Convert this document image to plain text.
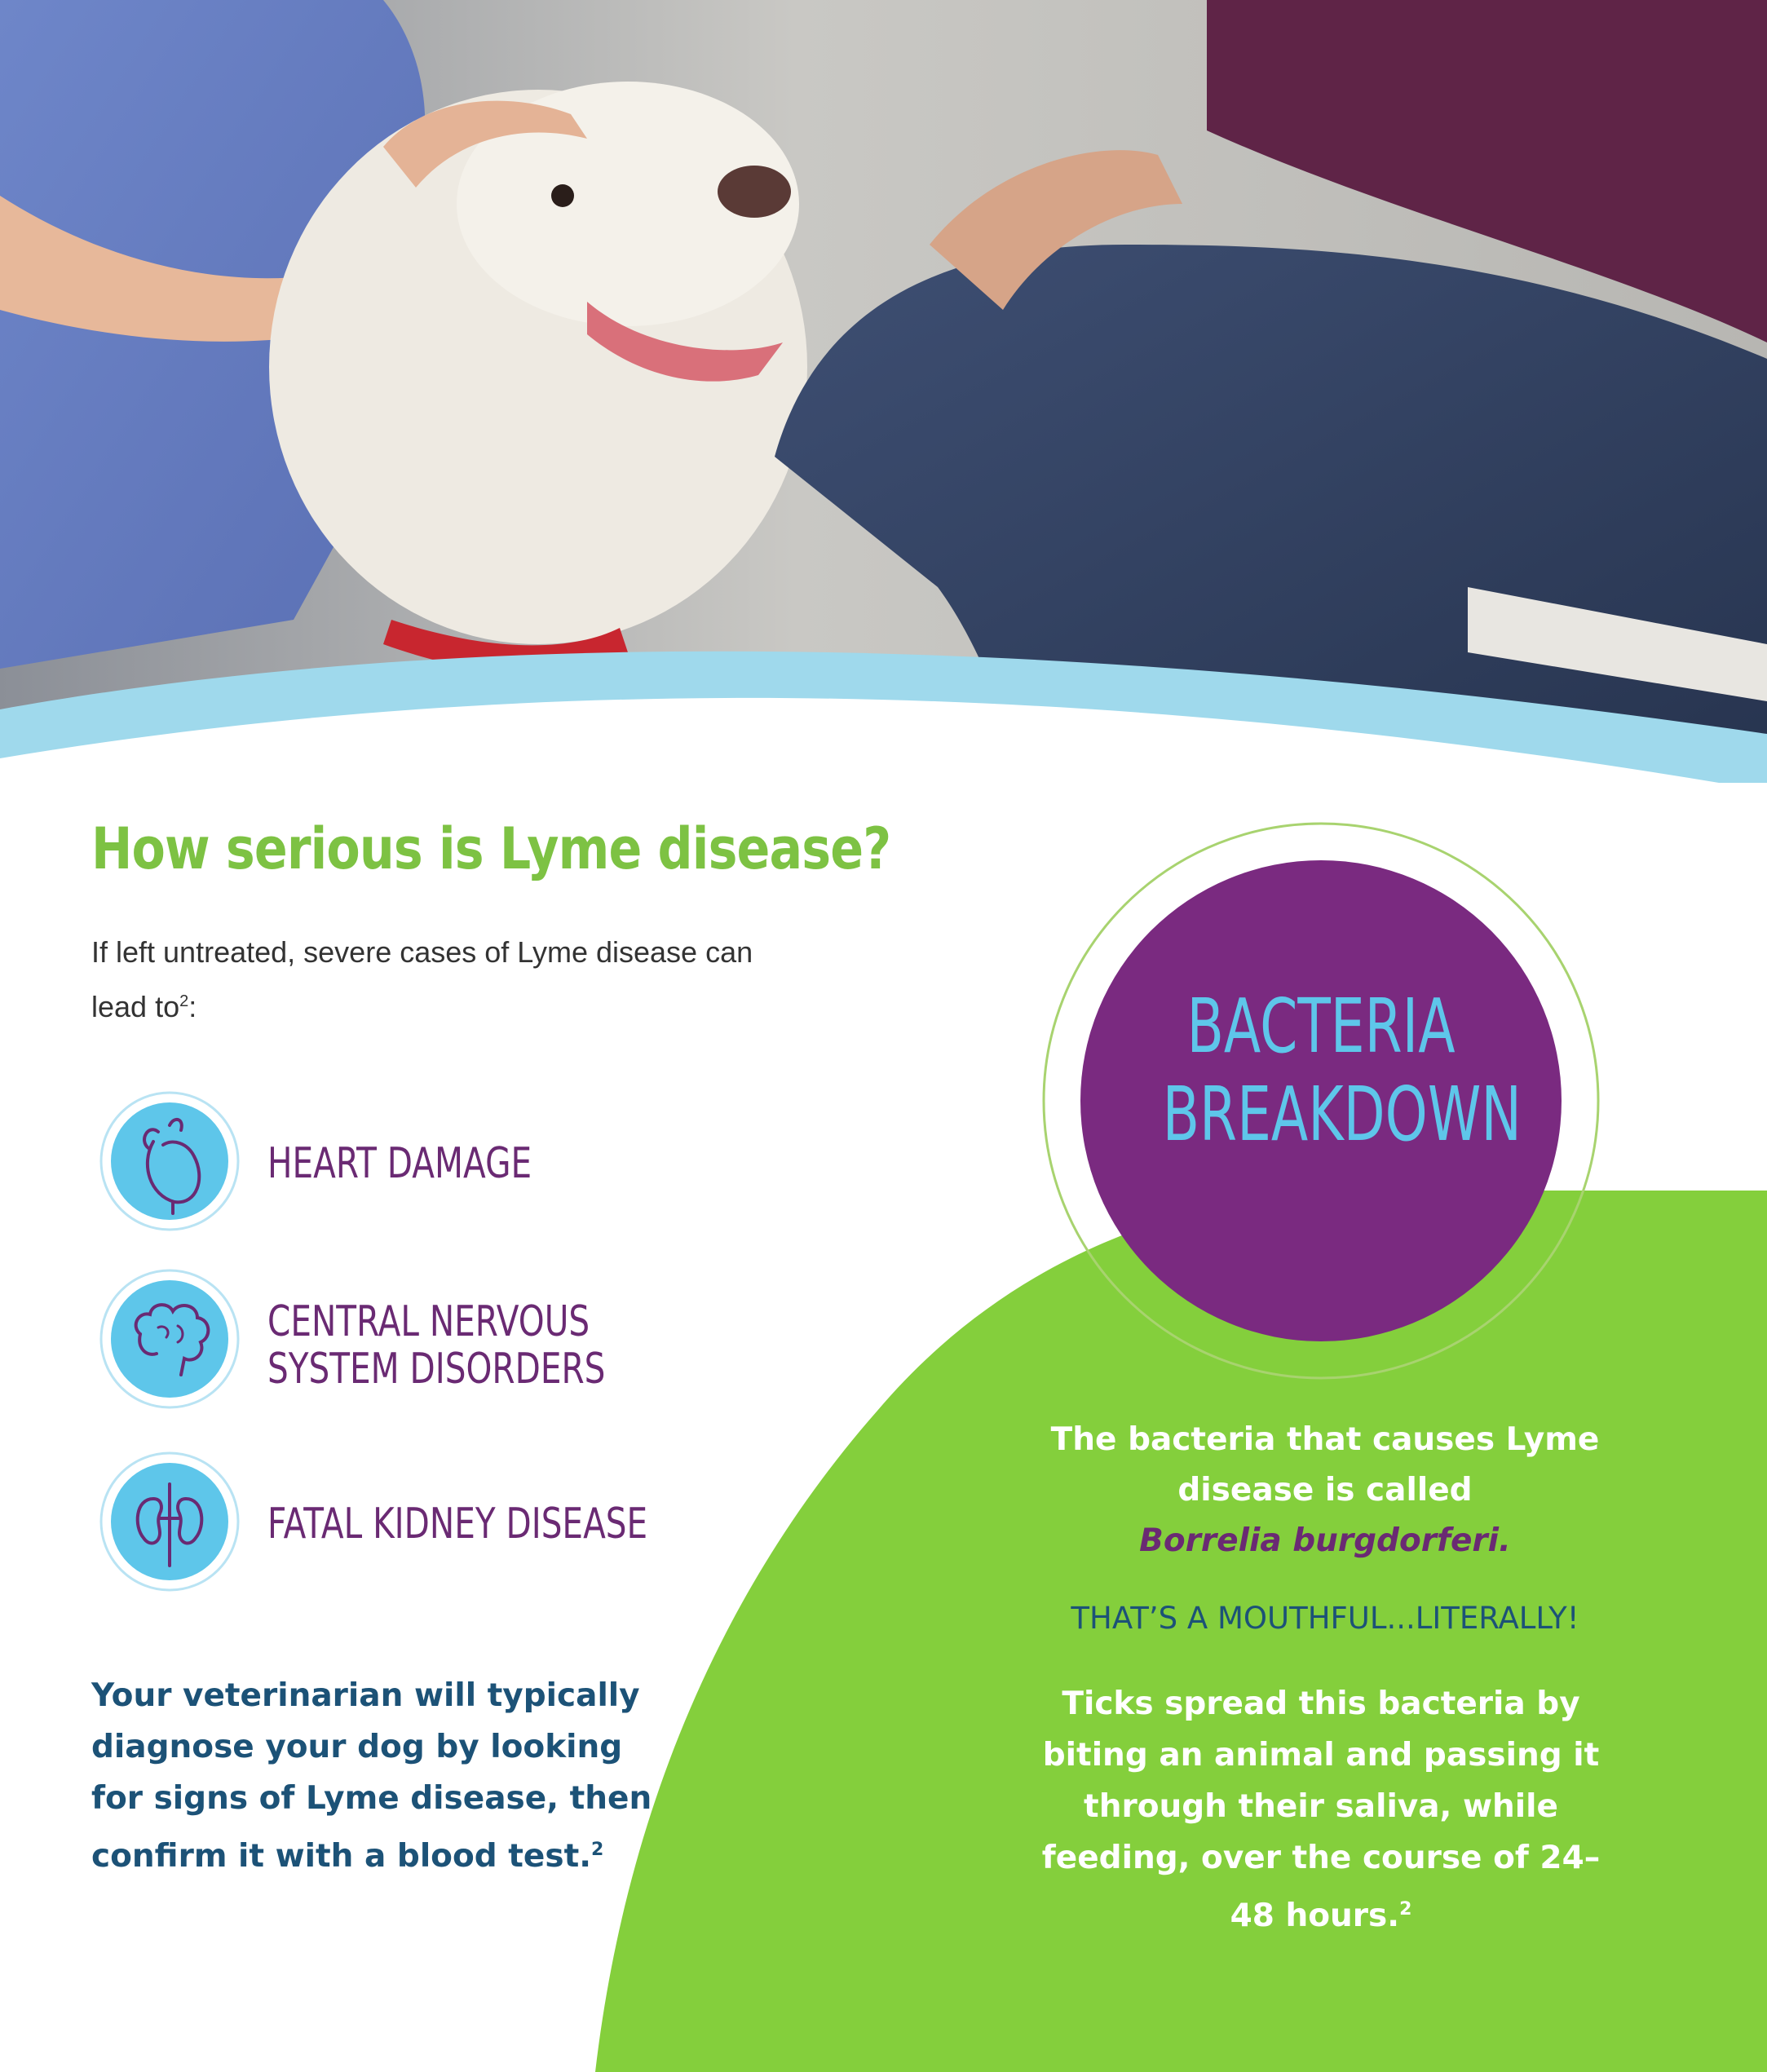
How serious is Lyme disease?
If left untreated, severe cases of Lyme disease can lead $to^2$:
HEART DAMAGE
CENTRAL NERVOUS
SYSTEM DISORDERS
FATAL KIDNEY DISEASE
Your veterinarian will typically diagnose your dog by looking for signs of Lyme disease, then confirm it with a blood test.$^2$
BACTERIA
BREAKDOWN
The bacteria that causes Lyme disease is called
Borrelia burgdorferi.
THAT’S A MOUTHFUL...LITERALLY!
Ticks spread this bacteria by biting an animal and passing it through their saliva, while feeding, over the course of 24–48 hours.$^2$
